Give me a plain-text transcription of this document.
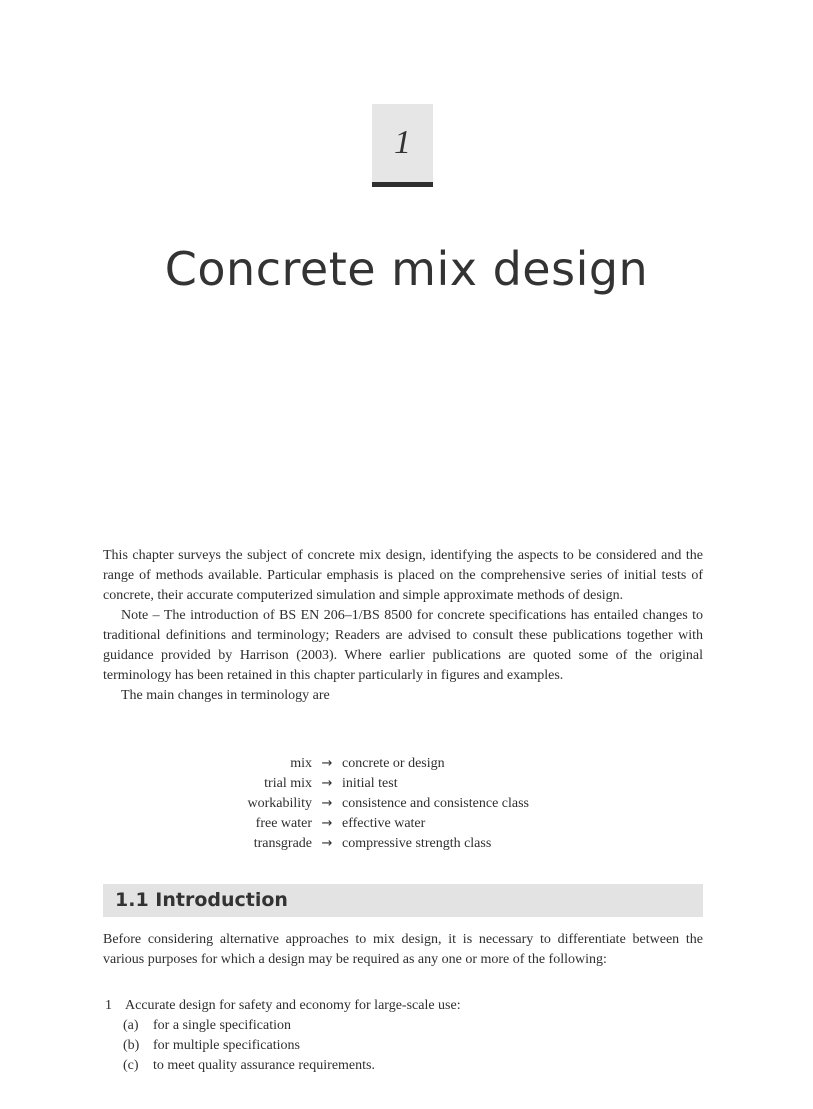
1
Concrete mix design

This chapter surveys the subject of concrete mix design, identifying the aspects to be considered and the range of methods available. Particular emphasis is placed on the comprehensive series of initial tests of concrete, their accurate computerized simulation and simple approximate methods of design.

Note – The introduction of BS EN 206–1/BS 8500 for concrete specifications has entailed changes to traditional definitions and terminology; Readers are advised to consult these publications together with guidance provided by Harrison (2003). Where earlier publications are quoted some of the original terminology has been retained in this chapter particularly in figures and examples.

The main changes in terminology are

mix → concrete or design
trial mix → initial test
workability → consistence and consistence class
free water → effective water
transgrade → compressive strength class
1.1 Introduction

Before considering alternative approaches to mix design, it is necessary to differentiate between the various purposes for which a design may be required as any one or more of the following:

1 Accurate design for safety and economy for large-scale use:
(a)	for a single specification
(b) for multiple specifications
(c)	to meet quality assurance requirements.
